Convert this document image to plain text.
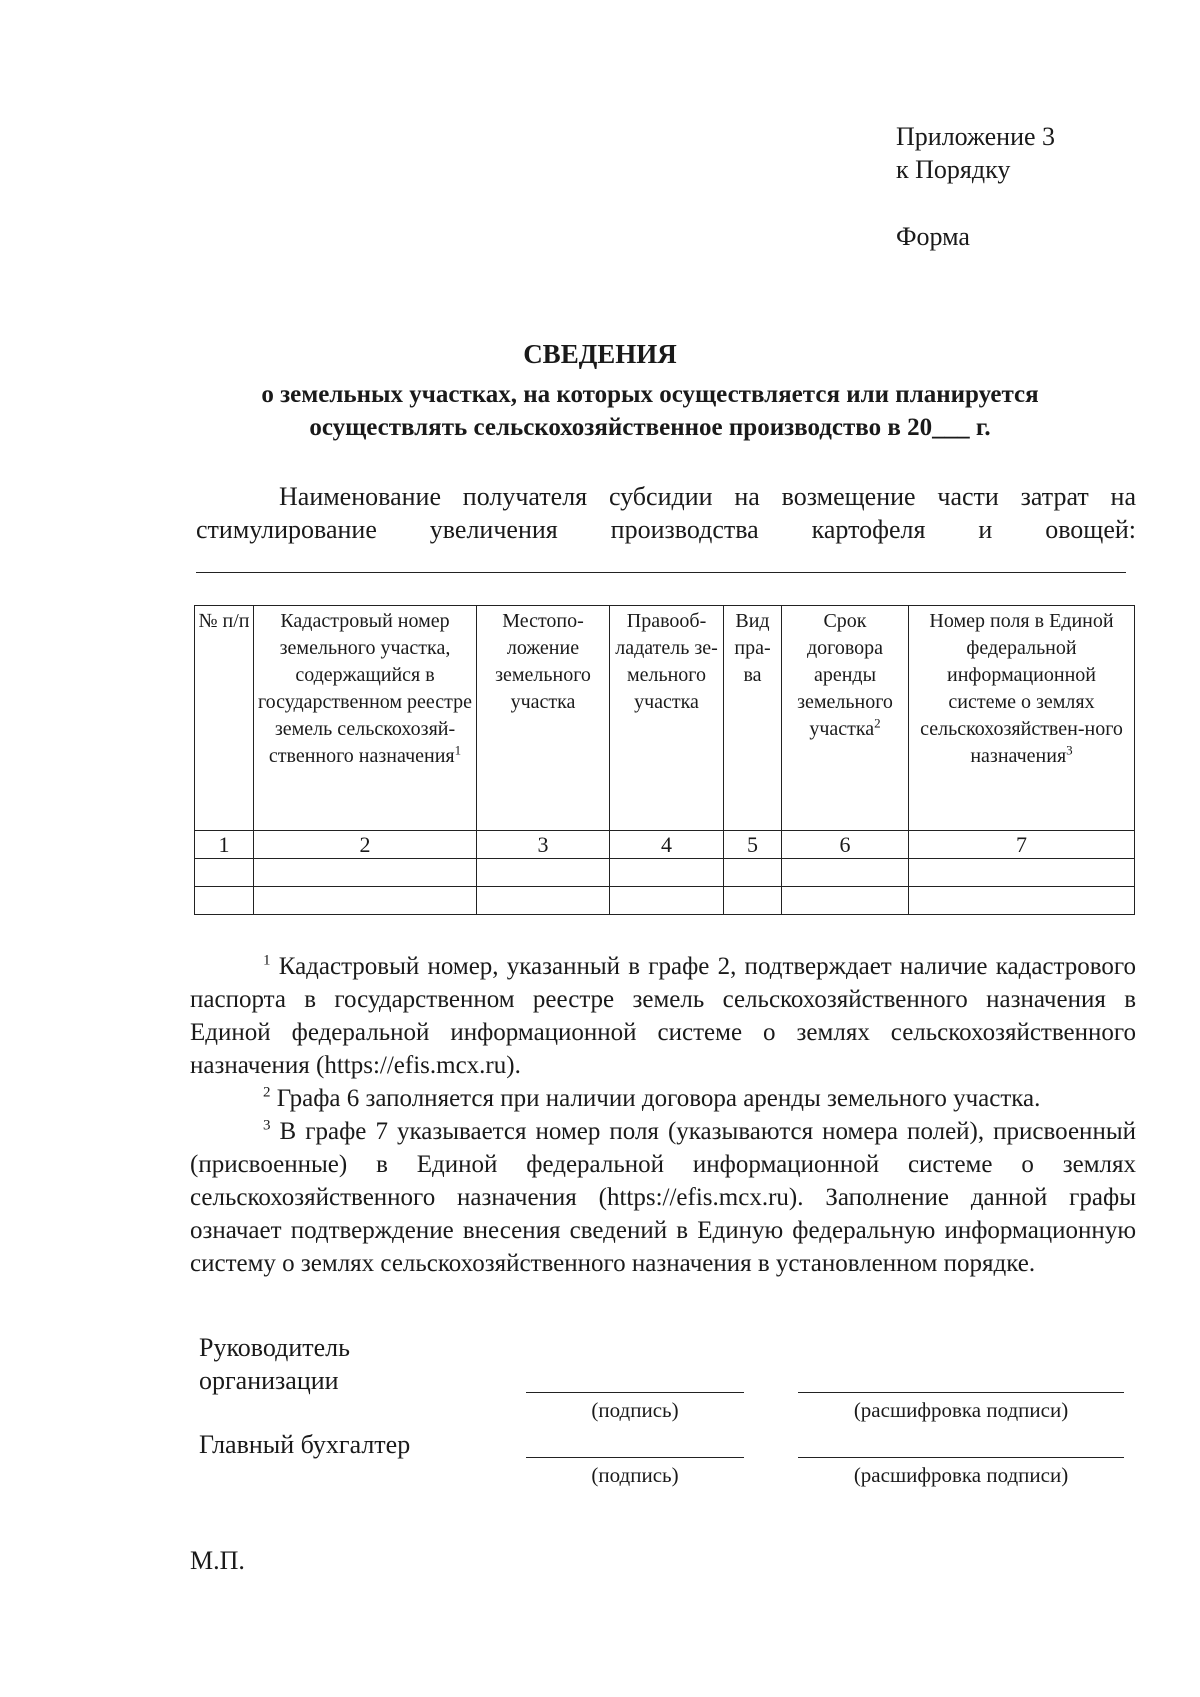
Приложение 3
к Порядку
Форма
СВЕДЕНИЯ
о земельных участках, на которых осуществляется или планируется
осуществлять сельскохозяйственное производство в 20___ г.
Наименование получателя субсидии на возмещение части затрат на
стимулирование увеличения производства картофеля и овощей:
№ п/п	Кадастровый номер земельного участка, содержащийся в государственном реестре земель сельскохозяй-ственного назначения$^1$	Местопо-ложение земельного участка	Правооб-ладатель зе-мельного участка	Вид пра-ва	Срок договора аренды земельного участка$^2$	Номер поля в Единой федеральной информационной системе о землях сельскохозяйствен-ного назначения$^3$
1	2	3	4	5	6	7

$^1$ Кадастровый номер, указанный в графе 2, подтверждает наличие кадастрового паспорта в государственном реестре земель сельскохозяйственного назначения в Единой федеральной информационной системе о землях сельскохозяйственного назначения (https://efis.mcx.ru).

$^2$ Графа 6 заполняется при наличии договора аренды земельного участка.

$^3$ В графе 7 указывается номер поля (указываются номера полей), присвоенный (присвоенные) в Единой федеральной информационной системе о землях сельскохозяйственного назначения (https://efis.mcx.ru). Заполнение данной графы означает подтверждение внесения сведений в Единую федеральную информационную систему о землях сельскохозяйственного назначения в установленном порядке.

Руководитель
организации
(подпись)	(расшифровка подписи)
Главный бухгалтер
(подпись)	(расшифровка подписи)
М.П.
